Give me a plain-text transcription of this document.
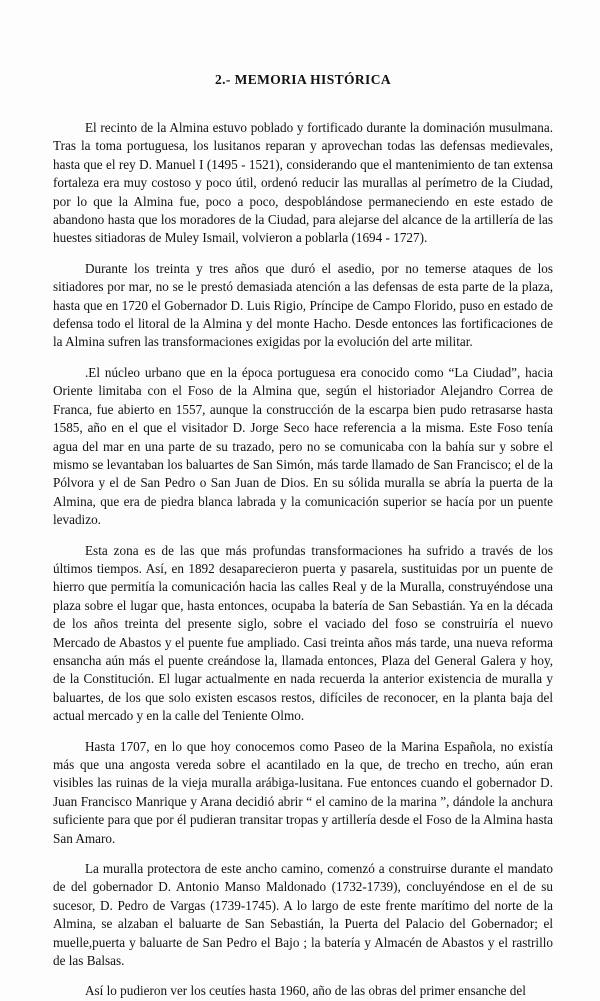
2.- MEMORIA HISTÓRICA

El recinto de la Almina estuvo poblado y fortificado durante la dominación musulmana. Tras la toma portuguesa, los lusitanos reparan y aprovechan todas las defensas medievales, hasta que el rey D. Manuel I (1495 - 1521), considerando que el mantenimiento de tan extensa fortaleza era muy costoso y poco útil, ordenó reducir las murallas al perímetro de la Ciudad, por lo que la Almina fue, poco a poco, despoblándose permaneciendo en este estado de abandono hasta que los moradores de la Ciudad, para alejarse del alcance de la artillería de las huestes sitiadoras de Muley Ismail, volvieron a poblarla (1694 - 1727).

Durante los treinta y tres años que duró el asedio, por no temerse ataques de los sitiadores por mar, no se le prestó demasiada atención a las defensas de esta parte de la plaza, hasta que en 1720 el Gobernador D. Luis Rigio, Príncipe de Campo Florido, puso en estado de defensa todo el litoral de la Almina y del monte Hacho. Desde entonces las fortificaciones de la Almina sufren las transformaciones exigidas por la evolución del arte militar.

.El núcleo urbano que en la época portuguesa era conocido como “La Ciudad”, hacia Oriente limitaba con el Foso de la Almina que, según el historiador Alejandro Correa de Franca, fue abierto en 1557, aunque la construcción de la escarpa bien pudo retrasarse hasta 1585, año en el que el visitador D. Jorge Seco hace referencia a la misma. Este Foso tenía agua del mar en una parte de su trazado, pero no se comunicaba con la bahía sur y sobre el mismo se levantaban los baluartes de San Simón, más tarde llamado de San Francisco; el de la Pólvora y el de San Pedro o San Juan de Dios. En su sólida muralla se abría la puerta de la Almina, que era de piedra blanca labrada y la comunicación superior se hacía por un puente levadizo.

Esta zona es de las que más profundas transformaciones ha sufrido a través de los últimos tiempos. Así, en 1892 desaparecieron puerta y pasarela, sustituidas por un puente de hierro que permitía la comunicación hacia las calles Real y de la Muralla, construyéndose una plaza sobre el lugar que, hasta entonces, ocupaba la batería de San Sebastián. Ya en la década de los años treinta del presente siglo, sobre el vaciado del foso se construiría el nuevo Mercado de Abastos y el puente fue ampliado. Casi treinta años más tarde, una nueva reforma ensancha aún más el puente creándose la, llamada entonces, Plaza del General Galera y hoy, de la Constitución. El lugar actualmente en nada recuerda la anterior existencia de muralla y baluartes, de los que solo existen escasos restos, difíciles de reconocer, en la planta baja del actual mercado y en la calle del Teniente Olmo.

Hasta 1707, en lo que hoy conocemos como Paseo de la Marina Española, no existía más que una angosta vereda sobre el acantilado en la que, de trecho en trecho, aún eran visibles las ruinas de la vieja muralla arábiga-lusitana. Fue entonces cuando el gobernador D. Juan Francisco Manrique y Arana decidió abrir “ el camino de la marina ”, dándole la anchura suficiente para que por él pudieran transitar tropas y artillería desde el Foso de la Almina hasta San Amaro.

La muralla protectora de este ancho camino, comenzó a construirse durante el mandato de del gobernador D. Antonio Manso Maldonado (1732-1739), concluyéndose en el de su sucesor, D. Pedro de Vargas (1739-1745). A lo largo de este frente marítimo del norte de la Almina, se alzaban el baluarte de San Sebastián, la Puerta del Palacio del Gobernador; el muelle,puerta y baluarte de San Pedro el Bajo ; la batería y Almacén de Abastos y el rastrillo de las Balsas.

Así lo pudieron ver los ceutíes hasta 1960, año de las obras del primer ensanche del
